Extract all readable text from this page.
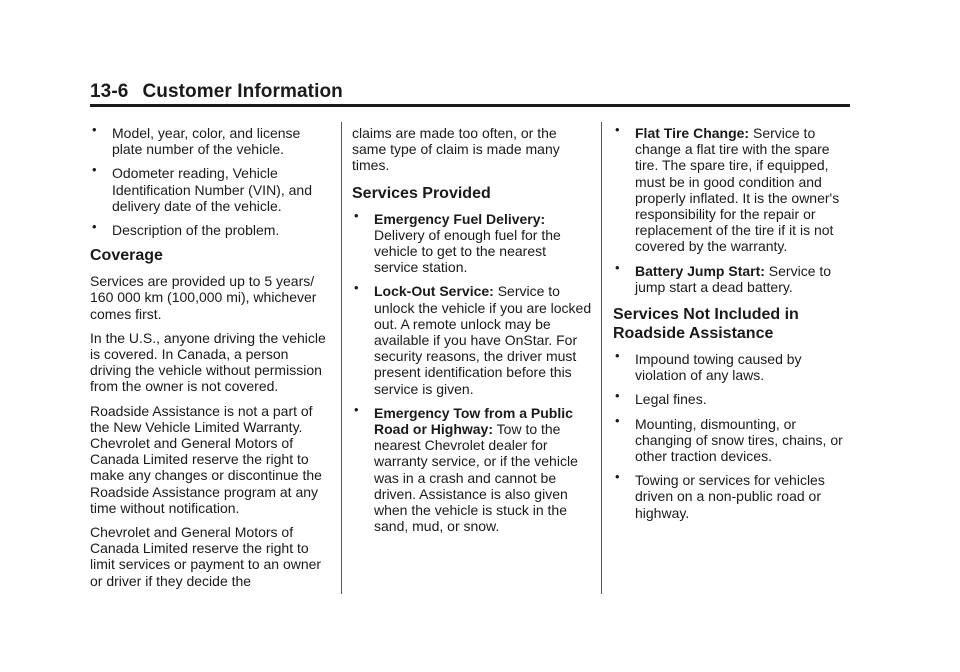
13-6 Customer Information
• Model, year, color, and license plate number of the vehicle.
• Odometer reading, Vehicle Identification Number (VIN), and delivery date of the vehicle.
• Description of the problem.
Coverage

Services are provided up to 5 years/ 160 000 km (100,000 mi), whichever comes first.

In the U.S., anyone driving the vehicle is covered. In Canada, a person driving the vehicle without permission from the owner is not covered.

Roadside Assistance is not a part of the New Vehicle Limited Warranty. Chevrolet and General Motors of Canada Limited reserve the right to make any changes or discontinue the Roadside Assistance program at any time without notification.

Chevrolet and General Motors of Canada Limited reserve the right to limit services or payment to an owner or driver if they decide the

claims are made too often, or the same type of claim is made many times.

Services Provided
• Emergency Fuel Delivery: Delivery of enough fuel for the vehicle to get to the nearest service station.
• Lock-Out Service: Service to unlock the vehicle if you are locked out. A remote unlock may be available if you have OnStar. For security reasons, the driver must present identification before this service is given.
• Emergency Tow from a Public Road or Highway: Tow to the nearest Chevrolet dealer for warranty service, or if the vehicle was in a crash and cannot be driven. Assistance is also given when the vehicle is stuck in the sand, mud, or snow.
• Flat Tire Change: Service to change a flat tire with the spare tire. The spare tire, if equipped, must be in good condition and properly inflated. It is the owner's responsibility for the repair or replacement of the tire if it is not covered by the warranty.
• Battery Jump Start: Service to jump start a dead battery.
Services Not Included in Roadside Assistance
• Impound towing caused by violation of any laws.
• Legal fines.
• Mounting, dismounting, or changing of snow tires, chains, or other traction devices.
• Towing or services for vehicles driven on a non-public road or highway.
